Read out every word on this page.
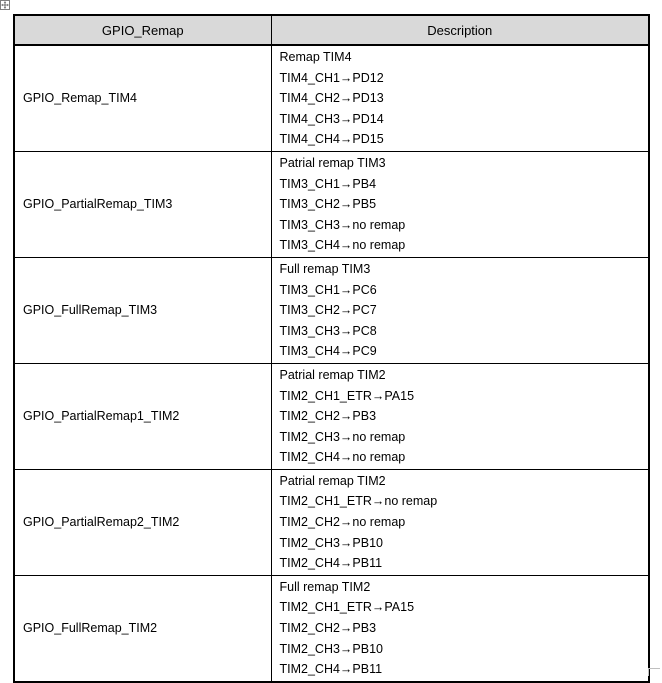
GPIO_Remap	Description
GPIO_Remap_TIM4	Remap TIM4
TIM4_CH1→PD12
TIM4_CH2→PD13
TIM4_CH3→PD14
TIM4_CH4→PD15

GPIO_PartialRemap_TIM3	Patrial remap TIM3
TIM3_CH1→PB4
TIM3_CH2→PB5
TIM3_CH3→no remap
TIM3_CH4→no remap

GPIO_FullRemap_TIM3	Full remap TIM3
TIM3_CH1→PC6
TIM3_CH2→PC7
TIM3_CH3→PC8
TIM3_CH4→PC9

GPIO_PartialRemap1_TIM2	Patrial remap TIM2
TIM2_CH1_ETR→PA15
TIM2_CH2→PB3
TIM2_CH3→no remap
TIM2_CH4→no remap

GPIO_PartialRemap2_TIM2	Patrial remap TIM2
TIM2_CH1_ETR→no remap
TIM2_CH2→no remap
TIM2_CH3→PB10
TIM2_CH4→PB11

GPIO_FullRemap_TIM2	Full remap TIM2
TIM2_CH1_ETR→PA15
TIM2_CH2→PB3
TIM2_CH3→PB10
TIM2_CH4→PB11
